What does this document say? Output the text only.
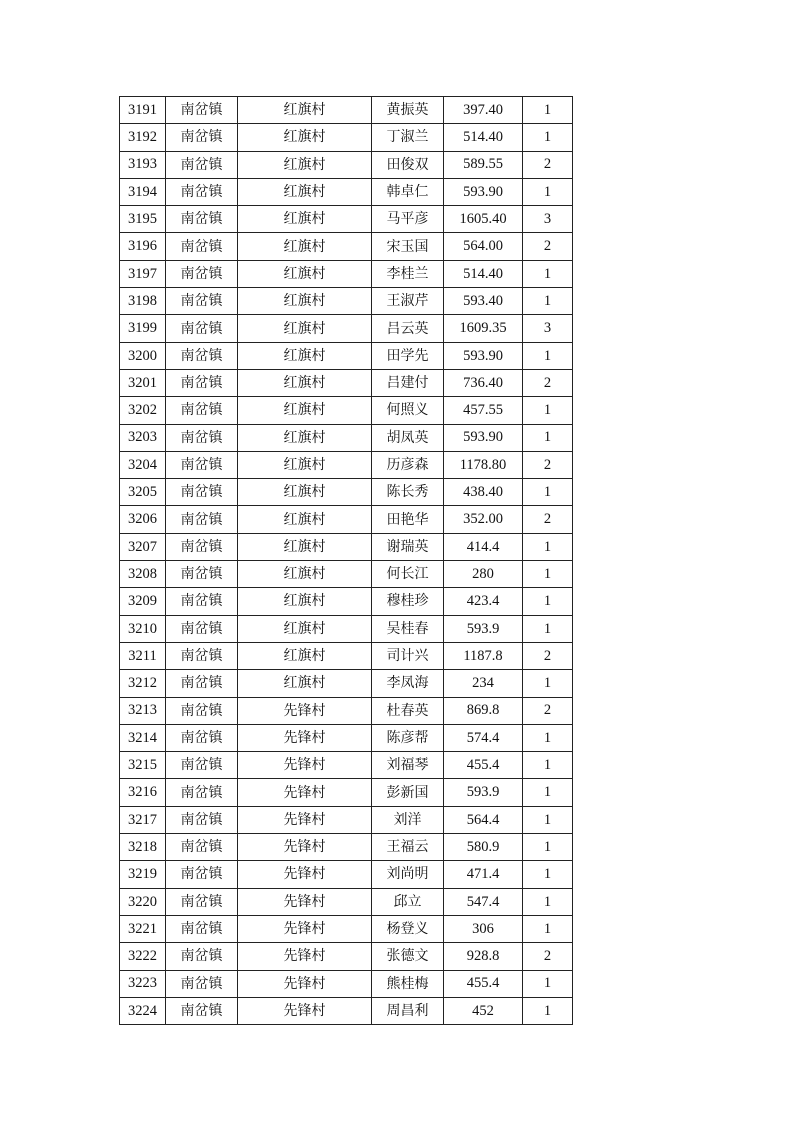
3191	南岔镇	红旗村	黄振英	397.40	1
3192	南岔镇	红旗村	丁淑兰	514.40	1
3193	南岔镇	红旗村	田俊双	589.55	2
3194	南岔镇	红旗村	韩卓仁	593.90	1
3195	南岔镇	红旗村	马平彦	1605.40	3
3196	南岔镇	红旗村	宋玉国	564.00	2
3197	南岔镇	红旗村	李桂兰	514.40	1
3198	南岔镇	红旗村	王淑芹	593.40	1
3199	南岔镇	红旗村	吕云英	1609.35	3
3200	南岔镇	红旗村	田学先	593.90	1
3201	南岔镇	红旗村	吕建付	736.40	2
3202	南岔镇	红旗村	何照义	457.55	1
3203	南岔镇	红旗村	胡凤英	593.90	1
3204	南岔镇	红旗村	历彦森	1178.80	2
3205	南岔镇	红旗村	陈长秀	438.40	1
3206	南岔镇	红旗村	田艳华	352.00	2
3207	南岔镇	红旗村	谢瑞英	414.4	1
3208	南岔镇	红旗村	何长江	280	1
3209	南岔镇	红旗村	穆桂珍	423.4	1
3210	南岔镇	红旗村	吴桂春	593.9	1
3211	南岔镇	红旗村	司计兴	1187.8	2
3212	南岔镇	红旗村	李凤海	234	1
3213	南岔镇	先锋村	杜春英	869.8	2
3214	南岔镇	先锋村	陈彦帮	574.4	1
3215	南岔镇	先锋村	刘福琴	455.4	1
3216	南岔镇	先锋村	彭新国	593.9	1
3217	南岔镇	先锋村	刘洋	564.4	1
3218	南岔镇	先锋村	王福云	580.9	1
3219	南岔镇	先锋村	刘尚明	471.4	1
3220	南岔镇	先锋村	邱立	547.4	1
3221	南岔镇	先锋村	杨登义	306	1
3222	南岔镇	先锋村	张德文	928.8	2
3223	南岔镇	先锋村	熊桂梅	455.4	1
3224	南岔镇	先锋村	周昌利	452	1
